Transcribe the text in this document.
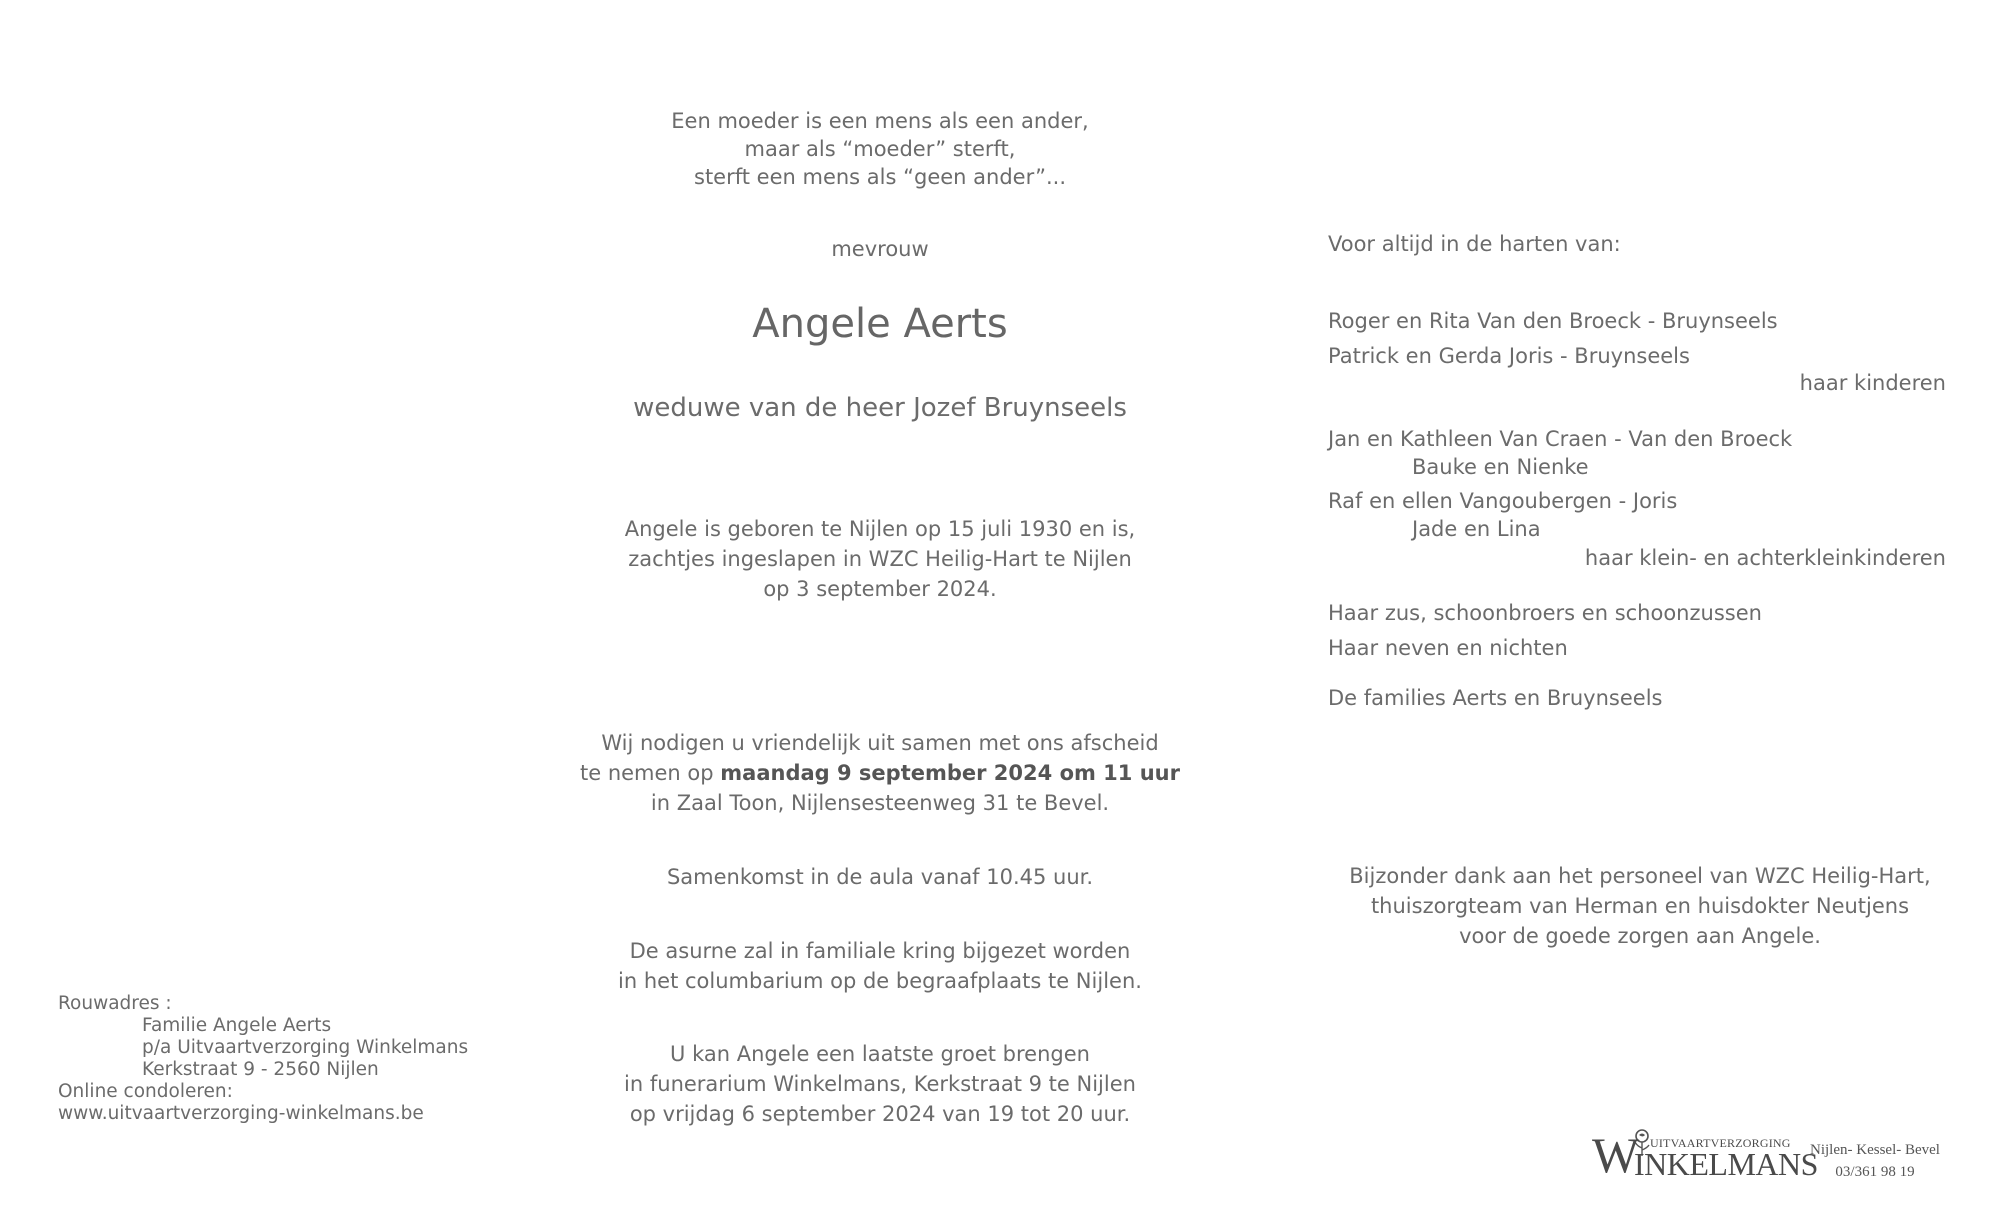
Een moeder is een mens als een ander,

maar als “moeder” sterft,

sterft een mens als “geen ander”...

mevrouw
Angele Aerts
weduwe van de heer Jozef Bruynseels

Angele is geboren te Nijlen op 15 juli 1930 en is,

zachtjes ingeslapen in WZC Heilig-Hart te Nijlen

op 3 september 2024.

Wij nodigen u vriendelijk uit samen met ons afscheid

te nemen op maandag 9 september 2024 om 11 uur

in Zaal Toon, Nijlensesteenweg 31 te Bevel.

Samenkomst in de aula vanaf 10.45 uur.

De asurne zal in familiale kring bijgezet worden

in het columbarium op de begraafplaats te Nijlen.

U kan Angele een laatste groet brengen

in funerarium Winkelmans, Kerkstraat 9 te Nijlen

op vrijdag 6 september 2024 van 19 tot 20 uur.

Voor altijd in de harten van:
Roger en Rita Van den Broeck - Bruynseels
Patrick en Gerda Joris - Bruynseels
haar kinderen
Jan en Kathleen Van Craen - Van den Broeck
Bauke en Nienke
Raf en ellen Vangoubergen - Joris
Jade en Lina
haar klein- en achterkleinkinderen
Haar zus, schoonbroers en schoonzussen
Haar neven en nichten
De families Aerts en Bruynseels

Bijzonder dank aan het personeel van WZC Heilig-Hart,

thuiszorgteam van Herman en huisdokter Neutjens

voor de goede zorgen aan Angele.

Rouwadres :
Familie Angele Aerts
p/a Uitvaartverzorging Winkelmans
Kerkstraat 9 - 2560 Nijlen
Online condoleren:
www.uitvaartverzorging-winkelmans.be
W UITVAARTVERZORGING
INKELMANS
Nijlen- Kessel- Bevel
03/361 98 19
